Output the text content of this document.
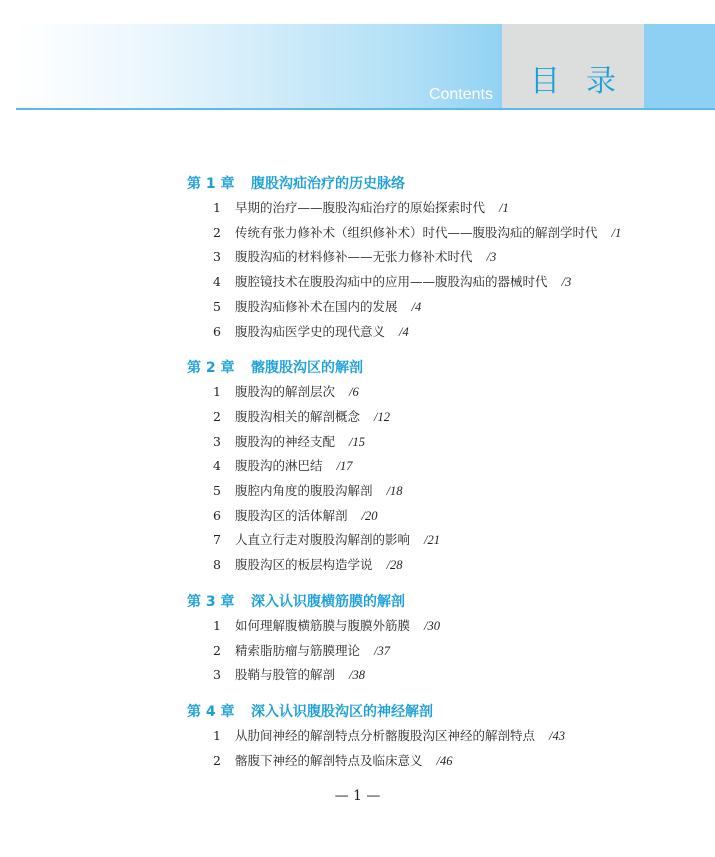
目录
Contents
第 1 章 腹股沟疝治疗的历史脉络
1 早期的治疗——腹股沟疝治疗的原始探索时代 /1
2 传统有张力修补术（组织修补术）时代——腹股沟疝的解剖学时代 /1
3 腹股沟疝的材料修补——无张力修补术时代 /3
4 腹腔镜技术在腹股沟疝中的应用——腹股沟疝的器械时代 /3
5 腹股沟疝修补术在国内的发展 /4
6 腹股沟疝医学史的现代意义 /4
第 2 章 髂腹股沟区的解剖
1 腹股沟的解剖层次 /6
2 腹股沟相关的解剖概念 /12
3 腹股沟的神经支配 /15
4 腹股沟的淋巴结 /17
5 腹腔内角度的腹股沟解剖 /18
6 腹股沟区的活体解剖 /20
7 人直立行走对腹股沟解剖的影响 /21
8 腹股沟区的板层构造学说 /28
第 3 章 深入认识腹横筋膜的解剖
1 如何理解腹横筋膜与腹膜外筋膜 /30
2 精索脂肪瘤与筋膜理论 /37
3 股鞘与股管的解剖 /38
第 4 章 深入认识腹股沟区的神经解剖
1 从肋间神经的解剖特点分析髂腹股沟区神经的解剖特点 /43
2 髂腹下神经的解剖特点及临床意义 /46
— 1 —
